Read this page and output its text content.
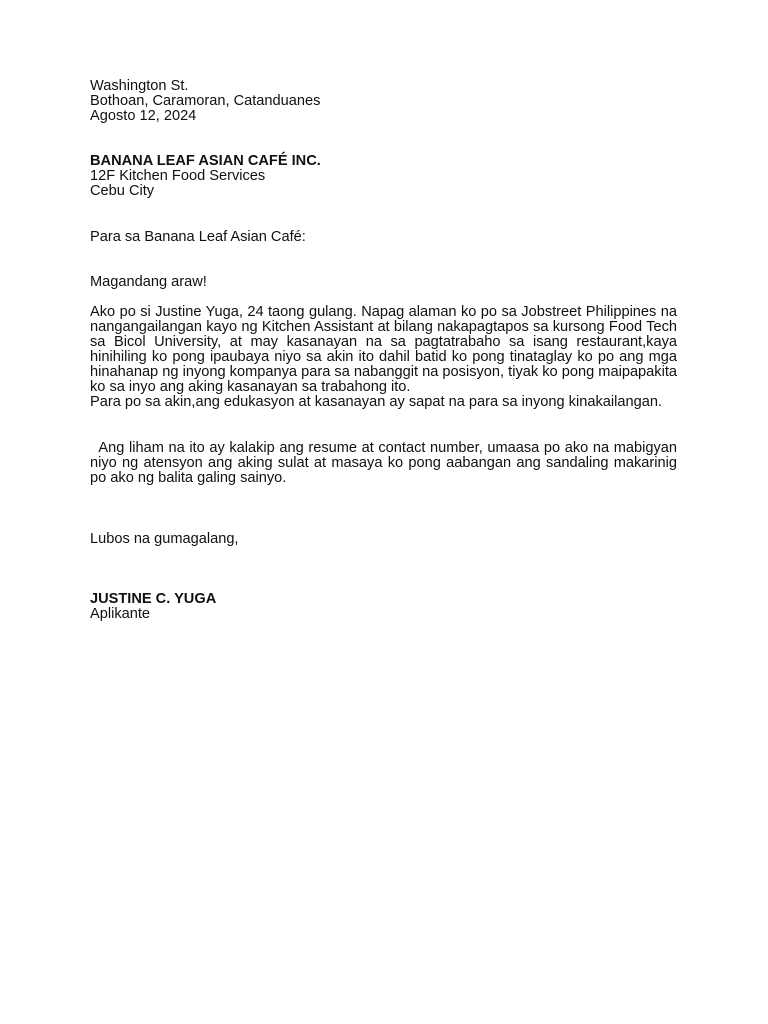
Washington St.
Bothoan, Caramoran, Catanduanes
Agosto 12, 2024
BANANA LEAF ASIAN CAFÉ INC.
12F Kitchen Food Services
Cebu City
Para sa Banana Leaf Asian Café:
Magandang araw!
Ako po si Justine Yuga, 24 taong gulang. Napag alaman ko po sa Jobstreet Philippines na nangangailangan kayo ng Kitchen Assistant at bilang nakapagtapos sa kursong Food Tech sa Bicol University, at may kasanayan na sa pagtatrabaho sa isang restaurant,kaya hinihiling ko pong ipaubaya niyo sa akin ito dahil batid ko pong tinataglay ko po ang mga hinahanap ng inyong kompanya para sa nabanggit na posisyon, tiyak ko pong maipapakita ko sa inyo ang aking kasanayan sa trabahong ito.
Para po sa akin,ang edukasyon at kasanayan ay sapat na para sa inyong kinakailangan.
Ang liham na ito ay kalakip ang resume at contact number, umaasa po ako na mabigyan niyo ng atensyon ang aking sulat at masaya ko pong aabangan ang sandaling makarinig po ako ng balita galing sainyo.
Lubos na gumagalang,
JUSTINE C. YUGA
Aplikante
